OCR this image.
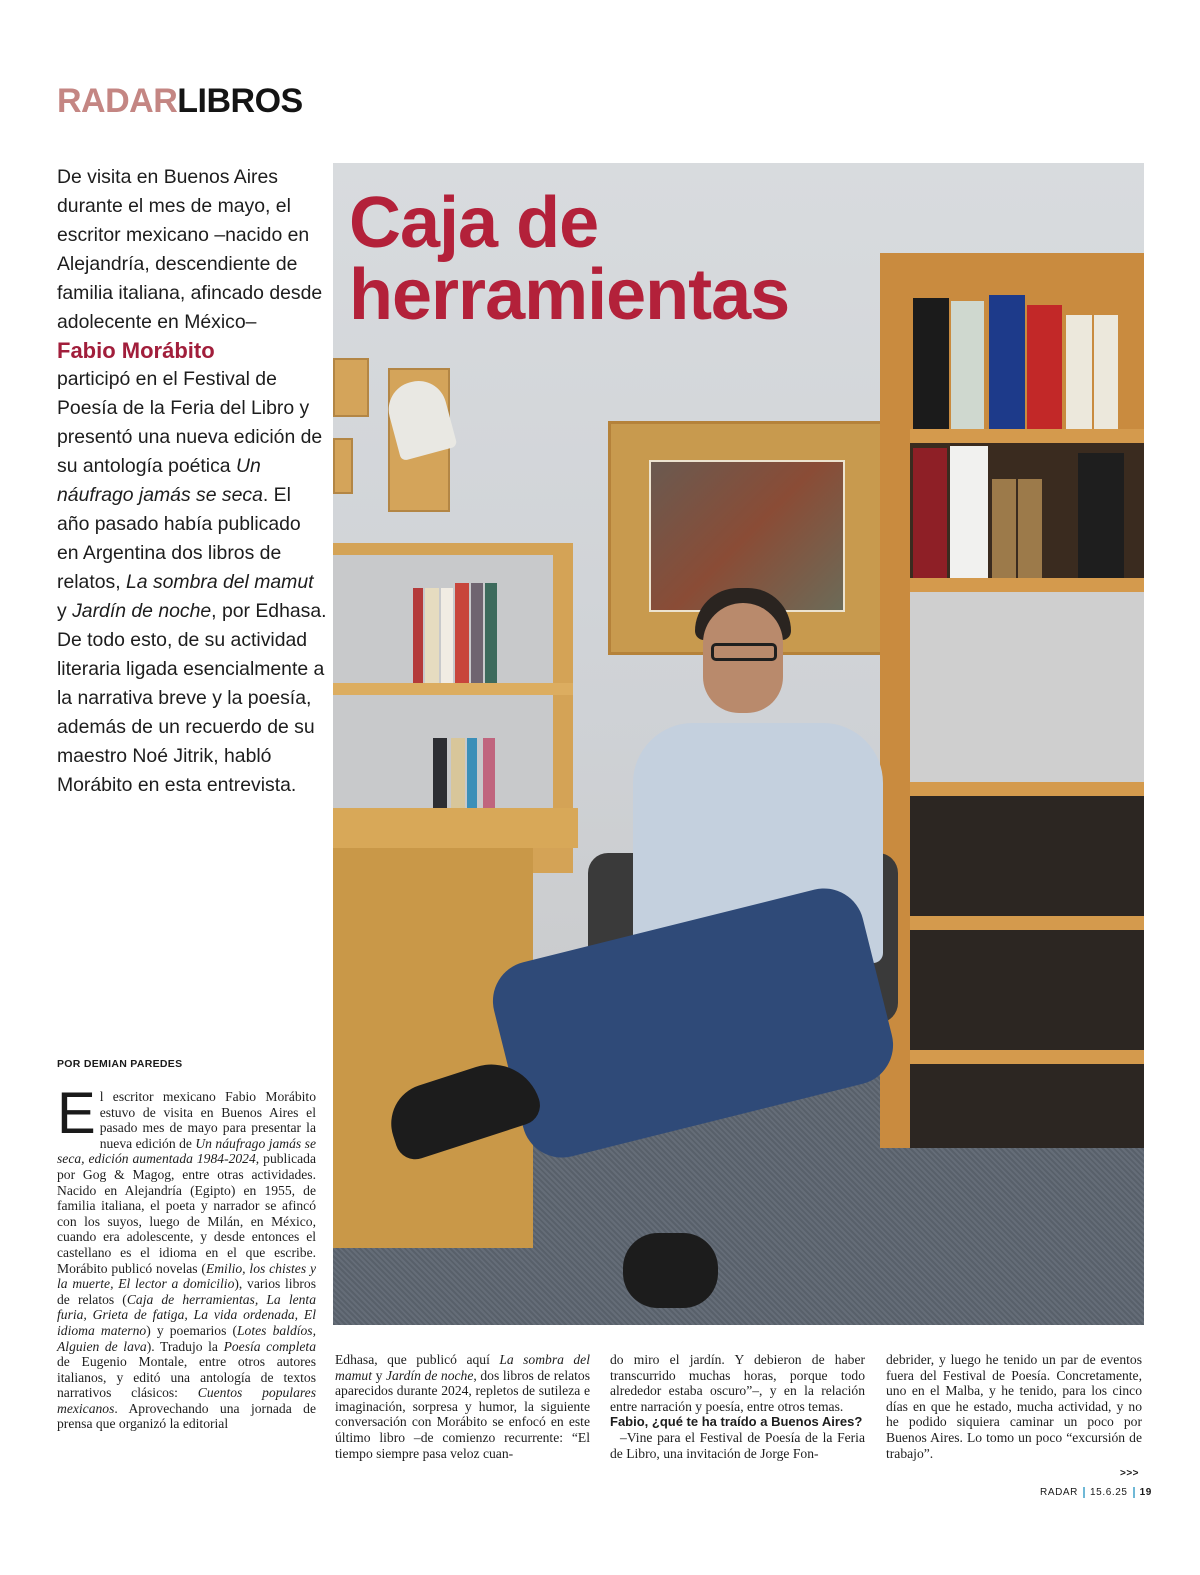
RADARLIBROS
De visita en Buenos Aires durante el mes de mayo, el escritor mexicano –nacido en Alejandría, descendiente de familia italiana, afincado desde adolecente en México–
Fabio Morábito
participó en el Festival de Poesía de la Feria del Libro y presentó una nueva edición de su antología poética Un náufrago jamás se seca. El año pasado había publicado en Argentina dos libros de relatos, La sombra del mamut y Jardín de noche, por Edhasa. De todo esto, de su actividad literaria ligada esencialmente a la narrativa breve y la poesía, además de un recuerdo de su maestro Noé Jitrik, habló Morábito en esta entrevista.
Caja de
herramientas
POR DEMIAN PAREDES
El escritor mexicano Fabio Morábito estuvo de visita en Buenos Aires el pasado mes de mayo para presentar la nueva edición de Un náufrago jamás se seca, edición aumentada 1984-2024, publicada por Gog & Magog, entre otras actividades. Nacido en Alejandría (Egipto) en 1955, de familia italiana, el poeta y narrador se afincó con los suyos, luego de Milán, en México, cuando era adolescente, y desde entonces el castellano es el idioma en el que escribe. Morábito publicó novelas (Emilio, los chistes y la muerte, El lector a domicilio), varios libros de relatos (Caja de herramientas, La lenta furia, Grieta de fatiga, La vida ordenada, El idioma materno) y poemarios (Lotes baldíos, Alguien de lava). Tradujo la Poesía completa de Eugenio Montale, entre otros autores italianos, y editó una antología de textos narrativos clásicos: Cuentos populares mexicanos. Aprovechando una jornada de prensa que organizó la editorial
Edhasa, que publicó aquí La sombra del mamut y Jardín de noche, dos libros de relatos aparecidos durante 2024, repletos de sutileza e imaginación, sorpresa y humor, la siguiente conversación con Morábito se enfocó en este último libro –de comienzo recurrente: “El tiempo siempre pasa veloz cuan-
do miro el jardín. Y debieron de haber transcurrido muchas horas, porque todo alrededor estaba oscuro”–, y en la relación entre narración y poesía, entre otros temas.
Fabio, ¿qué te ha traído a Buenos Aires?
–Vine para el Festival de Poesía de la Feria de Libro, una invitación de Jorge Fon-
debrider, y luego he tenido un par de eventos fuera del Festival de Poesía. Concretamente, uno en el Malba, y he tenido, para los cinco días en que he estado, mucha actividad, y no he podido siquiera caminar un poco por Buenos Aires. Lo tomo un poco “excursión de trabajo”.
>>>
RADAR 15.6.25 19
